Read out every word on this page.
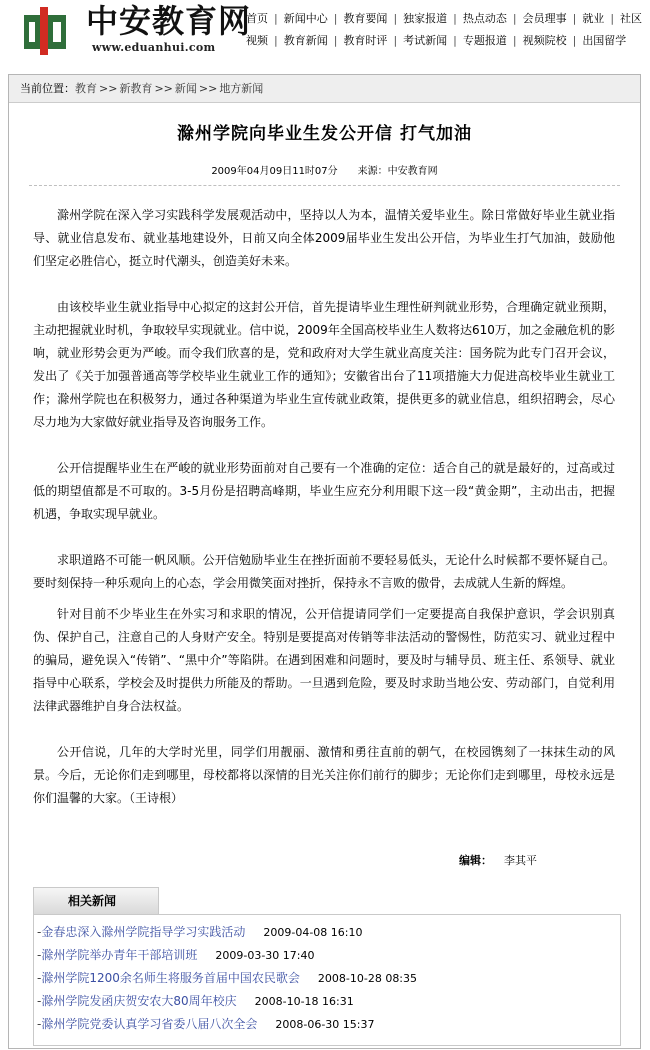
中安教育网
www.eduanhui.com
首页 | 新闻中心 | 教育要闻 | 独家报道 | 热点动态 | 会员理事 | 就业 | 社区
视频 | 教育新闻 | 教育时评 | 考试新闻 | 专题报道 | 视频院校 | 出国留学
当前位置：教育 >> 新教育 >> 新闻 >> 地方新闻
滁州学院向毕业生发公开信 打气加油
2009年04月09日11时07分 来源：中安教育网

滁州学院在深入学习实践科学发展观活动中，坚持以人为本，温情关爱毕业生。除日常做好毕业生就业指导、就业信息发布、就业基地建设外，日前又向全体2009届毕业生发出公开信，为毕业生打气加油，鼓励他们坚定必胜信心，挺立时代潮头，创造美好未来。

由该校毕业生就业指导中心拟定的这封公开信，首先提请毕业生理性研判就业形势，合理确定就业预期，主动把握就业时机，争取较早实现就业。信中说，2009年全国高校毕业生人数将达610万，加之金融危机的影响，就业形势会更为严峻。而令我们欣喜的是，党和政府对大学生就业高度关注：国务院为此专门召开会议，发出了《关于加强普通高等学校毕业生就业工作的通知》；安徽省出台了11项措施大力促进高校毕业生就业工作；滁州学院也在积极努力，通过各种渠道为毕业生宣传就业政策，提供更多的就业信息，组织招聘会，尽心尽力地为大家做好就业指导及咨询服务工作。

公开信提醒毕业生在严峻的就业形势面前对自己要有一个准确的定位：适合自己的就是最好的，过高或过低的期望值都是不可取的。3-5月份是招聘高峰期，毕业生应充分利用眼下这一段“黄金期”，主动出击，把握机遇，争取实现早就业。

求职道路不可能一帆风顺。公开信勉励毕业生在挫折面前不要轻易低头，无论什么时候都不要怀疑自己。要时刻保持一种乐观向上的心态，学会用微笑面对挫折，保持永不言败的傲骨，去成就人生新的辉煌。

针对目前不少毕业生在外实习和求职的情况，公开信提请同学们一定要提高自我保护意识，学会识别真伪、保护自己，注意自己的人身财产安全。特别是要提高对传销等非法活动的警惕性，防范实习、就业过程中的骗局，避免误入“传销”、“黑中介”等陷阱。在遇到困难和问题时，要及时与辅导员、班主任、系领导、就业指导中心联系，学校会及时提供力所能及的帮助。一旦遇到危险，要及时求助当地公安、劳动部门，自觉利用法律武器维护自身合法权益。

公开信说，几年的大学时光里，同学们用靓丽、激情和勇往直前的朝气，在校园镌刻了一抹抹生动的风景。今后，无论你们走到哪里，母校都将以深情的目光关注你们前行的脚步；无论你们走到哪里，母校永远是你们温馨的大家。（王诗根）

编辑： 李其平
相关新闻
-金春忠深入滁州学院指导学习实践活动 2009-04-08 16:10
-滁州学院举办青年干部培训班 2009-03-30 17:40
-滁州学院1200余名师生将服务首届中国农民歌会 2008-10-28 08:35
-滁州学院发函庆贺安农大80周年校庆 2008-10-18 16:31
-滁州学院党委认真学习省委八届八次全会 2008-06-30 15:37
